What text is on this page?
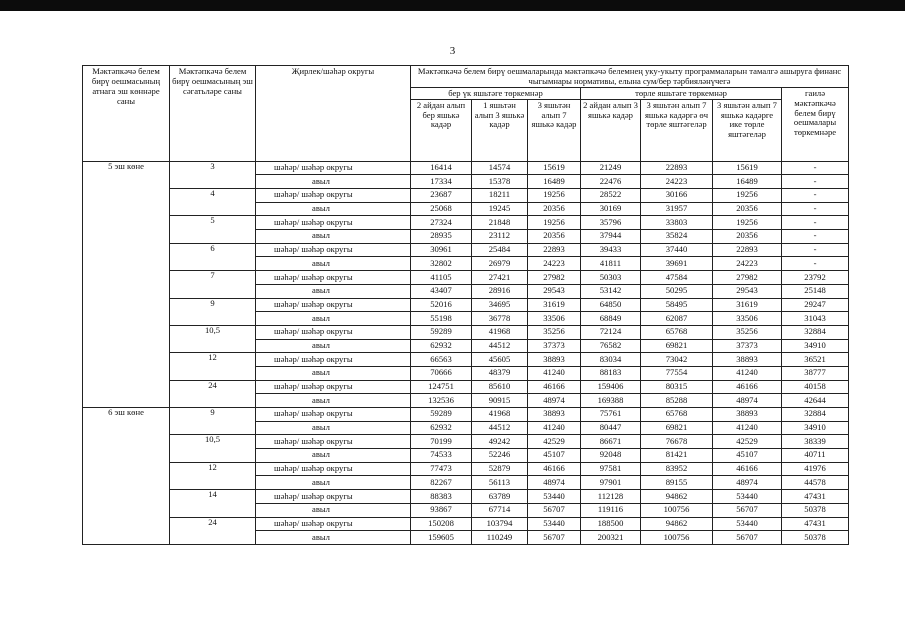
3
Мәктәпкәчә белем бирү оешмасының атнага эш көннәре саны	Мәктәпкәчә белем бирү оешмасының эш сәгатьләре саны	Җирлек/шәһәр округы	Мәктәпкәчә белем бирү оешмаларында мәктәпкәчә белемнең уку-укыту программаларын тамалгә ашыруга финанс чыгымнары нормативы, елына сум/бер тәрбияләнүчегә						
			бер үк яшьтәге төркемнәр			төрле яшьтәге төркемнәр			гаилә мәктәпкәчә белем бирү оешмалары төркемнәре
			2 айдан алып бер яшькә кадәр	1 яшьтән алып 3 яшькә кадәр	3 яшьтән алып 7 яшькә кадәр	2 айдан алып 3 яшькә кадәр	3 яшьтән алып 7 яшькә кадәргә өч төрле яштәгеләр	3 яшьтән алып 7 яшькә кадәрге ике төрле яштәгеләр	
5 эш көне	3	шәһәр/ шәһәр округы	16414	14574	15619	21249	22893	15619	-
		авыл	17334	15378	16489	22476	24223	16489	-
	4	шәһәр/ шәһәр округы	23687	18211	19256	28522	30166	19256	-
		авыл	25068	19245	20356	30169	31957	20356	-
	5	шәһәр/ шәһәр округы	27324	21848	19256	35796	33803	19256	-
		авыл	28935	23112	20356	37944	35824	20356	-
	6	шәһәр/ шәһәр округы	30961	25484	22893	39433	37440	22893	-
		авыл	32802	26979	24223	41811	39691	24223	-
	7	шәһәр/ шәһәр округы	41105	27421	27982	50303	47584	27982	23792
		авыл	43407	28916	29543	53142	50295	29543	25148
	9	шәһәр/ шәһәр округы	52016	34695	31619	64850	58495	31619	29247
		авыл	55198	36778	33506	68849	62087	33506	31043
	10,5	шәһәр/ шәһәр округы	59289	41968	35256	72124	65768	35256	32884
		авыл	62932	44512	37373	76582	69821	37373	34910
	12	шәһәр/ шәһәр округы	66563	45605	38893	83034	73042	38893	36521
		авыл	70666	48379	41240	88183	77554	41240	38777
	24	шәһәр/ шәһәр округы	124751	85610	46166	159406	80315	46166	40158
		авыл	132536	90915	48974	169388	85288	48974	42644
6 эш көне	9	шәһәр/ шәһәр округы	59289	41968	38893	75761	65768	38893	32884
		авыл	62932	44512	41240	80447	69821	41240	34910
	10,5	шәһәр/ шәһәр округы	70199	49242	42529	86671	76678	42529	38339
		авыл	74533	52246	45107	92048	81421	45107	40711
	12	шәһәр/ шәһәр округы	77473	52879	46166	97581	83952	46166	41976
		авыл	82267	56113	48974	97901	89155	48974	44578
	14	шәһәр/ шәһәр округы	88383	63789	53440	112128	94862	53440	47431
		авыл	93867	67714	56707	119116	100756	56707	50378
	24	шәһәр/ шәһәр округы	150208	103794	53440	188500	94862	53440	47431
		авыл	159605	110249	56707	200321	100756	56707	50378
